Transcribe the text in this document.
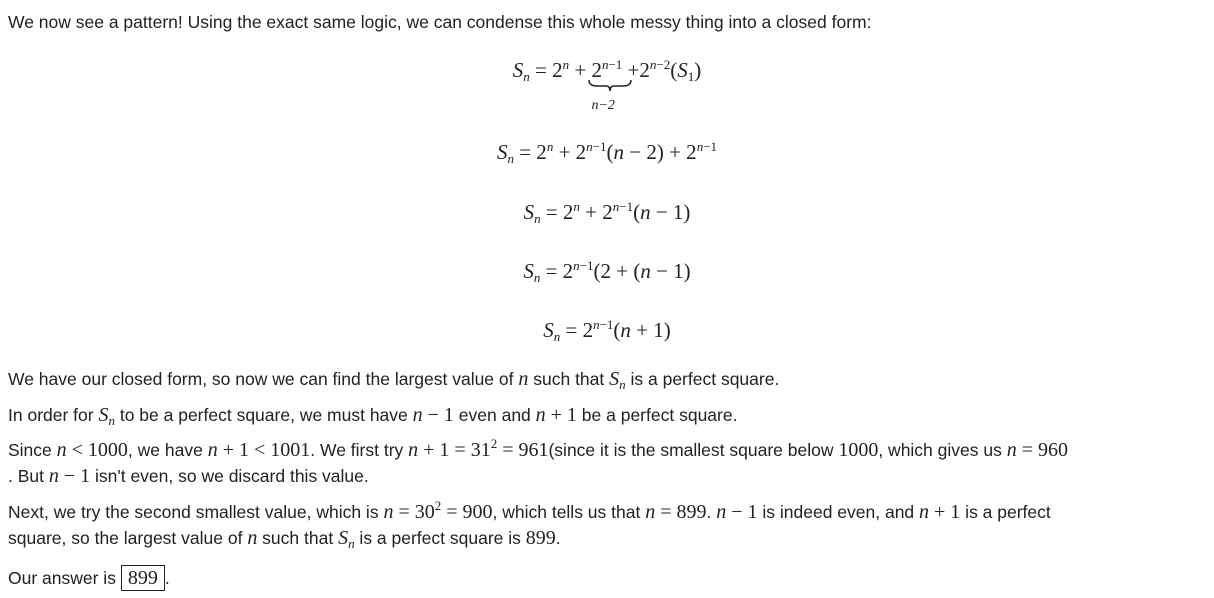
We now see a pattern! Using the exact same logic, we can condense this whole messy thing into a closed form:
$S_n = 2^n + 2^{n-1}$
n−2
$+2^{n-2}(S_1)$
$S_n = 2^n + 2^{n-1}(n - 2) + 2^{n-1}$
$S_n = 2^n + 2^{n-1}(n - 1)$
$S_n = 2^{n-1}(2 + (n - 1)$
$S_n = 2^{n-1}(n + 1)$
We have our closed form, so now we can find the largest value of n such that $S_n$ is a perfect square.
In order for $S_n$ to be a perfect square, we must have n − 1 even and n + 1 be a perfect square.
Since n < 1000, we have n + 1 < 1001. We first try $n + 1 = 31^2$ = 961(since it is the smallest square below 1000, which gives us n = 960
. But n − 1 isn't even, so we discard this value.
Next, we try the second smallest value, which is $n = 30^2 = 900$, which tells us that n = 899. n − 1 is indeed even, and n + 1 is a perfect
square, so the largest value of n such that $S_n$ is a perfect square is 899.
Our answer is 899 .
